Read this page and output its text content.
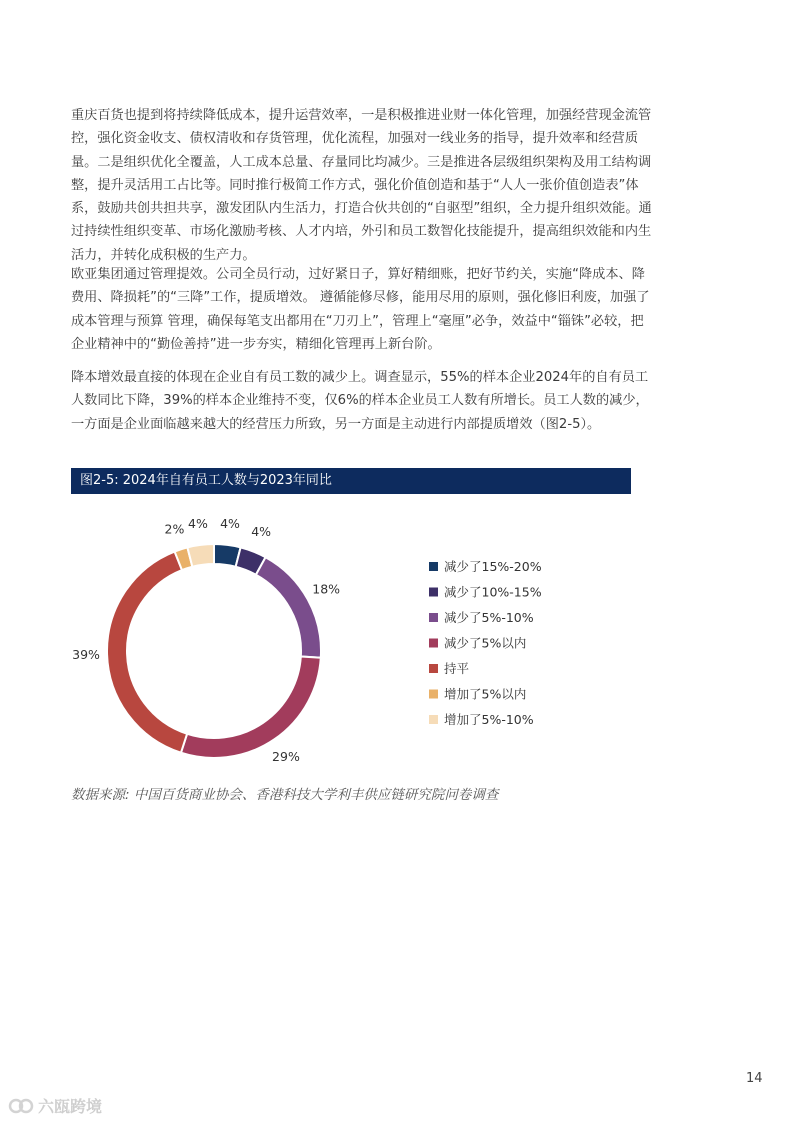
重庆百货也提到将持续降低成本，提升运营效率，一是积极推进业财一体化管理，加强经营现金流管控，强化资金收支、债权清收和存货管理，优化流程，加强对一线业务的指导，提升效率和经营质量。二是组织优化全覆盖，人工成本总量、存量同比均减少。三是推进各层级组织架构及用工结构调整，提升灵活用工占比等。同时推行极简工作方式，强化价值创造和基于“人人一张价值创造表”体系，鼓励共创共担共享，激发团队内生活力，打造合伙共创的“自驱型”组织，全力提升组织效能。通过持续性组织变革、市场化激励考核、人才内培，外引和员工数智化技能提升，提高组织效能和内生活力，并转化成积极的生产力。

欧亚集团通过管理提效。公司全员行动，过好紧日子，算好精细账，把好节约关，实施“降成本、降费用、降损耗”的“三降”工作，提质增效。 遵循能修尽修，能用尽用的原则，强化修旧利废，加强了成本管理与预算 管理，确保每笔支出都用在“刀刃上”，管理上“毫厘”必争，效益中“锱铢”必较，把企业精神中的“勤俭善持”进一步夯实，精细化管理再上新台阶。

降本增效最直接的体现在企业自有员工数的减少上。调查显示，55%的样本企业2024年的自有员工人数同比下降，39%的样本企业维持不变，仅6%的样本企业员工人数有所增长。员工人数的减少，一方面是企业面临越来越大的经营压力所致，另一方面是主动进行内部提质增效（图2-5）。

图2-5: 2024年自有员工人数与2023年同比
4%
4%
18%
29%
39%
2% 4%
减少了15%-20%
减少了10%-15%
减少了5%-10%
减少了5%以内
持平
增加了5%以内
增加了5%-10%
数据来源: 中国百货商业协会、香港科技大学利丰供应链研究院问卷调查
14
六瓯跨境
